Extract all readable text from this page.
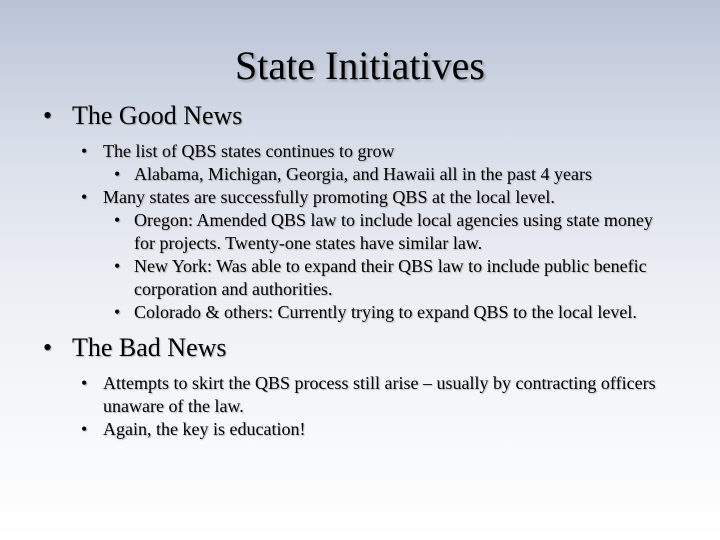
State Initiatives
• The Good News
• The list of QBS states continues to grow
• Alabama, Michigan, Georgia, and Hawaii all in the past 4 years
• Many states are successfully promoting QBS at the local level.
• Oregon: Amended QBS law to include local agencies using state money for projects. Twenty-one states have similar law.
• New York: Was able to expand their QBS law to include public benefic corporation and authorities.
• Colorado & others: Currently trying to expand QBS to the local level.
• The Bad News
• Attempts to skirt the QBS process still arise – usually by contracting officers unaware of the law.
• Again, the key is education!
